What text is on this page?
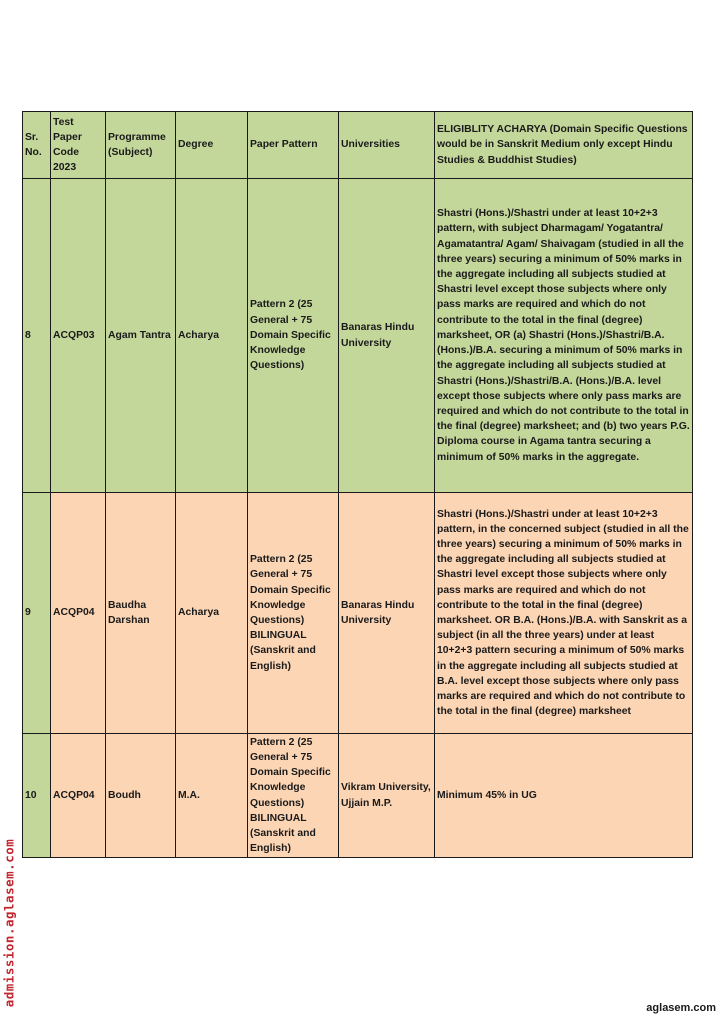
Sr. No.	Test Paper Code 2023	Programme (Subject)	Degree	Paper Pattern	Universities	ELIGIBLITY ACHARYA (Domain Specific Questions would be in Sanskrit Medium only except Hindu Studies & Buddhist Studies)
8	ACQP03	Agam Tantra	Acharya	Pattern 2 (25 General + 75 Domain Specific Knowledge Questions)	Banaras Hindu University	Shastri (Hons.)/Shastri under at least 10+2+3 pattern, with subject Dharmagam/ Yogatantra/ Agamatantra/ Agam/ Shaivagam (studied in all the three years) securing a minimum of 50% marks in the aggregate including all subjects studied at Shastri level except those subjects where only pass marks are required and which do not contribute to the total in the final (degree) marksheet, OR (a) Shastri (Hons.)/Shastri/B.A. (Hons.)/B.A. securing a minimum of 50% marks in the aggregate including all subjects studied at Shastri (Hons.)/Shastri/B.A. (Hons.)/B.A. level except those subjects where only pass marks are required and which do not contribute to the total in the final (degree) marksheet; and (b) two years P.G. Diploma course in Agama tantra securing a minimum of 50% marks in the aggregate.
9	ACQP04	Baudha Darshan	Acharya	Pattern 2 (25 General + 75 Domain Specific Knowledge Questions) BILINGUAL (Sanskrit and English)	Banaras Hindu University	Shastri (Hons.)/Shastri under at least 10+2+3 pattern, in the concerned subject (studied in all the three years) securing a minimum of 50% marks in the aggregate including all subjects studied at Shastri level except those subjects where only pass marks are required and which do not contribute to the total in the final (degree) marksheet. OR B.A. (Hons.)/B.A. with Sanskrit as a subject (in all the three years) under at least 10+2+3 pattern securing a minimum of 50% marks in the aggregate including all subjects studied at B.A. level except those subjects where only pass marks are required and which do not contribute to the total in the final (degree) marksheet
10	ACQP04	Boudh	M.A.	Pattern 2 (25 General + 75 Domain Specific Knowledge Questions) BILINGUAL (Sanskrit and English)	Vikram University, Ujjain M.P.	Minimum 45% in UG
admission.aglasem.com
aglasem.com
